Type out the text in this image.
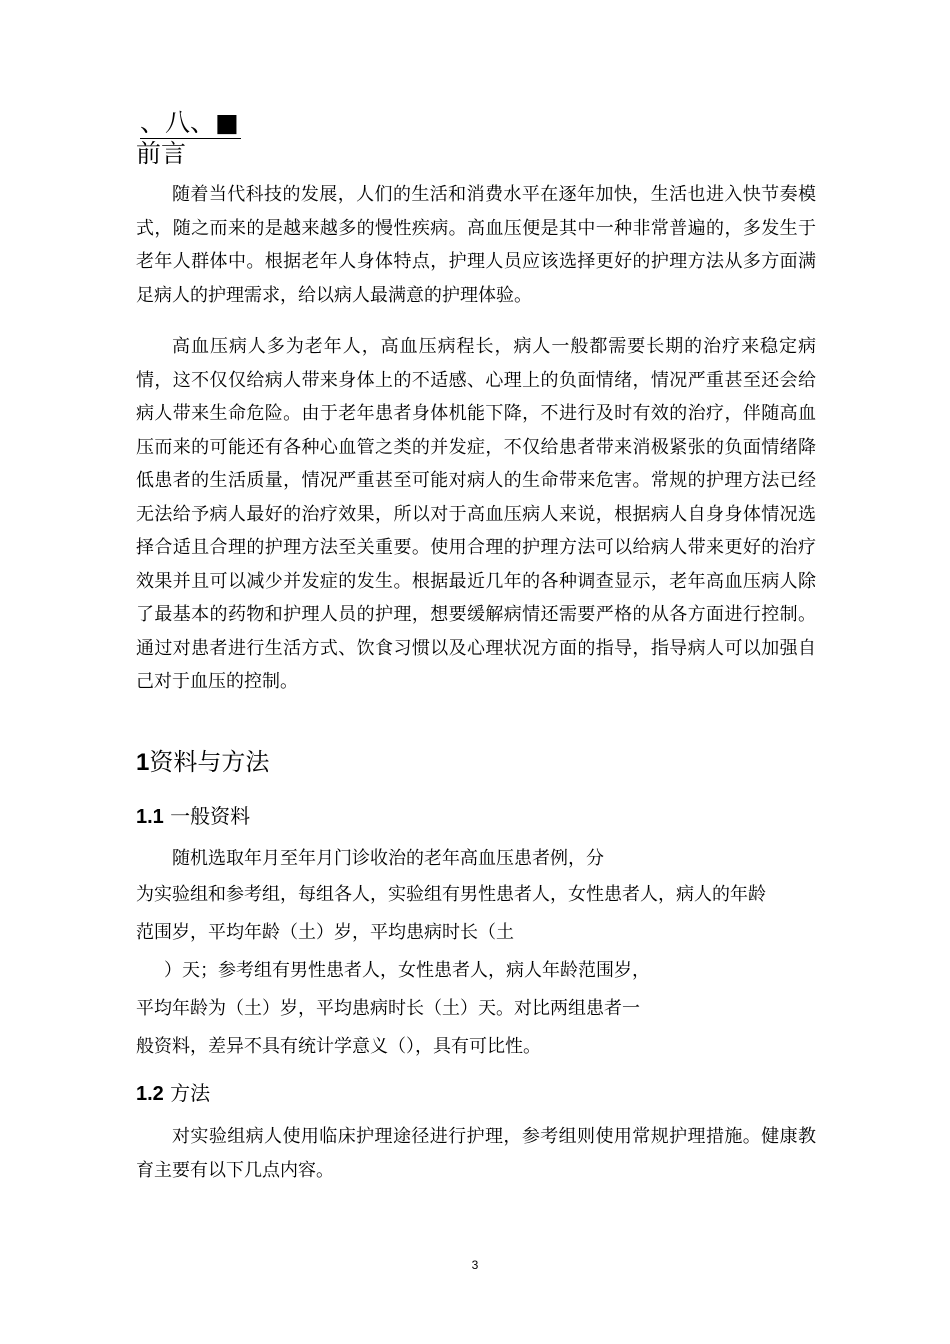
、八、■
前言

随着当代科技的发展，人们的生活和消费水平在逐年加快，生活也进入快节奏模式，随之而来的是越来越多的慢性疾病。高血压便是其中一种非常普遍的，多发生于老年人群体中。根据老年人身体特点，护理人员应该选择更好的护理方法从多方面满足病人的护理需求，给以病人最满意的护理体验。

高血压病人多为老年人，高血压病程长，病人一般都需要长期的治疗来稳定病情，这不仅仅给病人带来身体上的不适感、心理上的负面情绪，情况严重甚至还会给病人带来生命危险。由于老年患者身体机能下降，不进行及时有效的治疗，伴随高血压而来的可能还有各种心血管之类的并发症，不仅给患者带来消极紧张的负面情绪降低患者的生活质量，情况严重甚至可能对病人的生命带来危害。常规的护理方法已经无法给予病人最好的治疗效果，所以对于高血压病人来说，根据病人自身身体情况选择合适且合理的护理方法至关重要。使用合理的护理方法可以给病人带来更好的治疗效果并且可以减少并发症的发生。根据最近几年的各种调查显示，老年高血压病人除了最基本的药物和护理人员的护理，想要缓解病情还需要严格的从各方面进行控制。通过对患者进行生活方式、饮食习惯以及心理状况方面的指导，指导病人可以加强自己对于血压的控制。

1资料与方法
1.1 一般资料
随机选取年月至年月门诊收治的老年高血压患者例，分
为实验组和参考组，每组各人，实验组有男性患者人，女性患者人，病人的年龄
范围岁，平均年龄（土）岁，平均患病时长（土
）天；参考组有男性患者人，女性患者人，病人年龄范围岁，
平均年龄为（土）岁，平均患病时长（土）天。对比两组患者一
般资料，差异不具有统计学意义（），具有可比性。
1.2 方法

对实验组病人使用临床护理途径进行护理，参考组则使用常规护理措施。健康教育主要有以下几点内容。

3
